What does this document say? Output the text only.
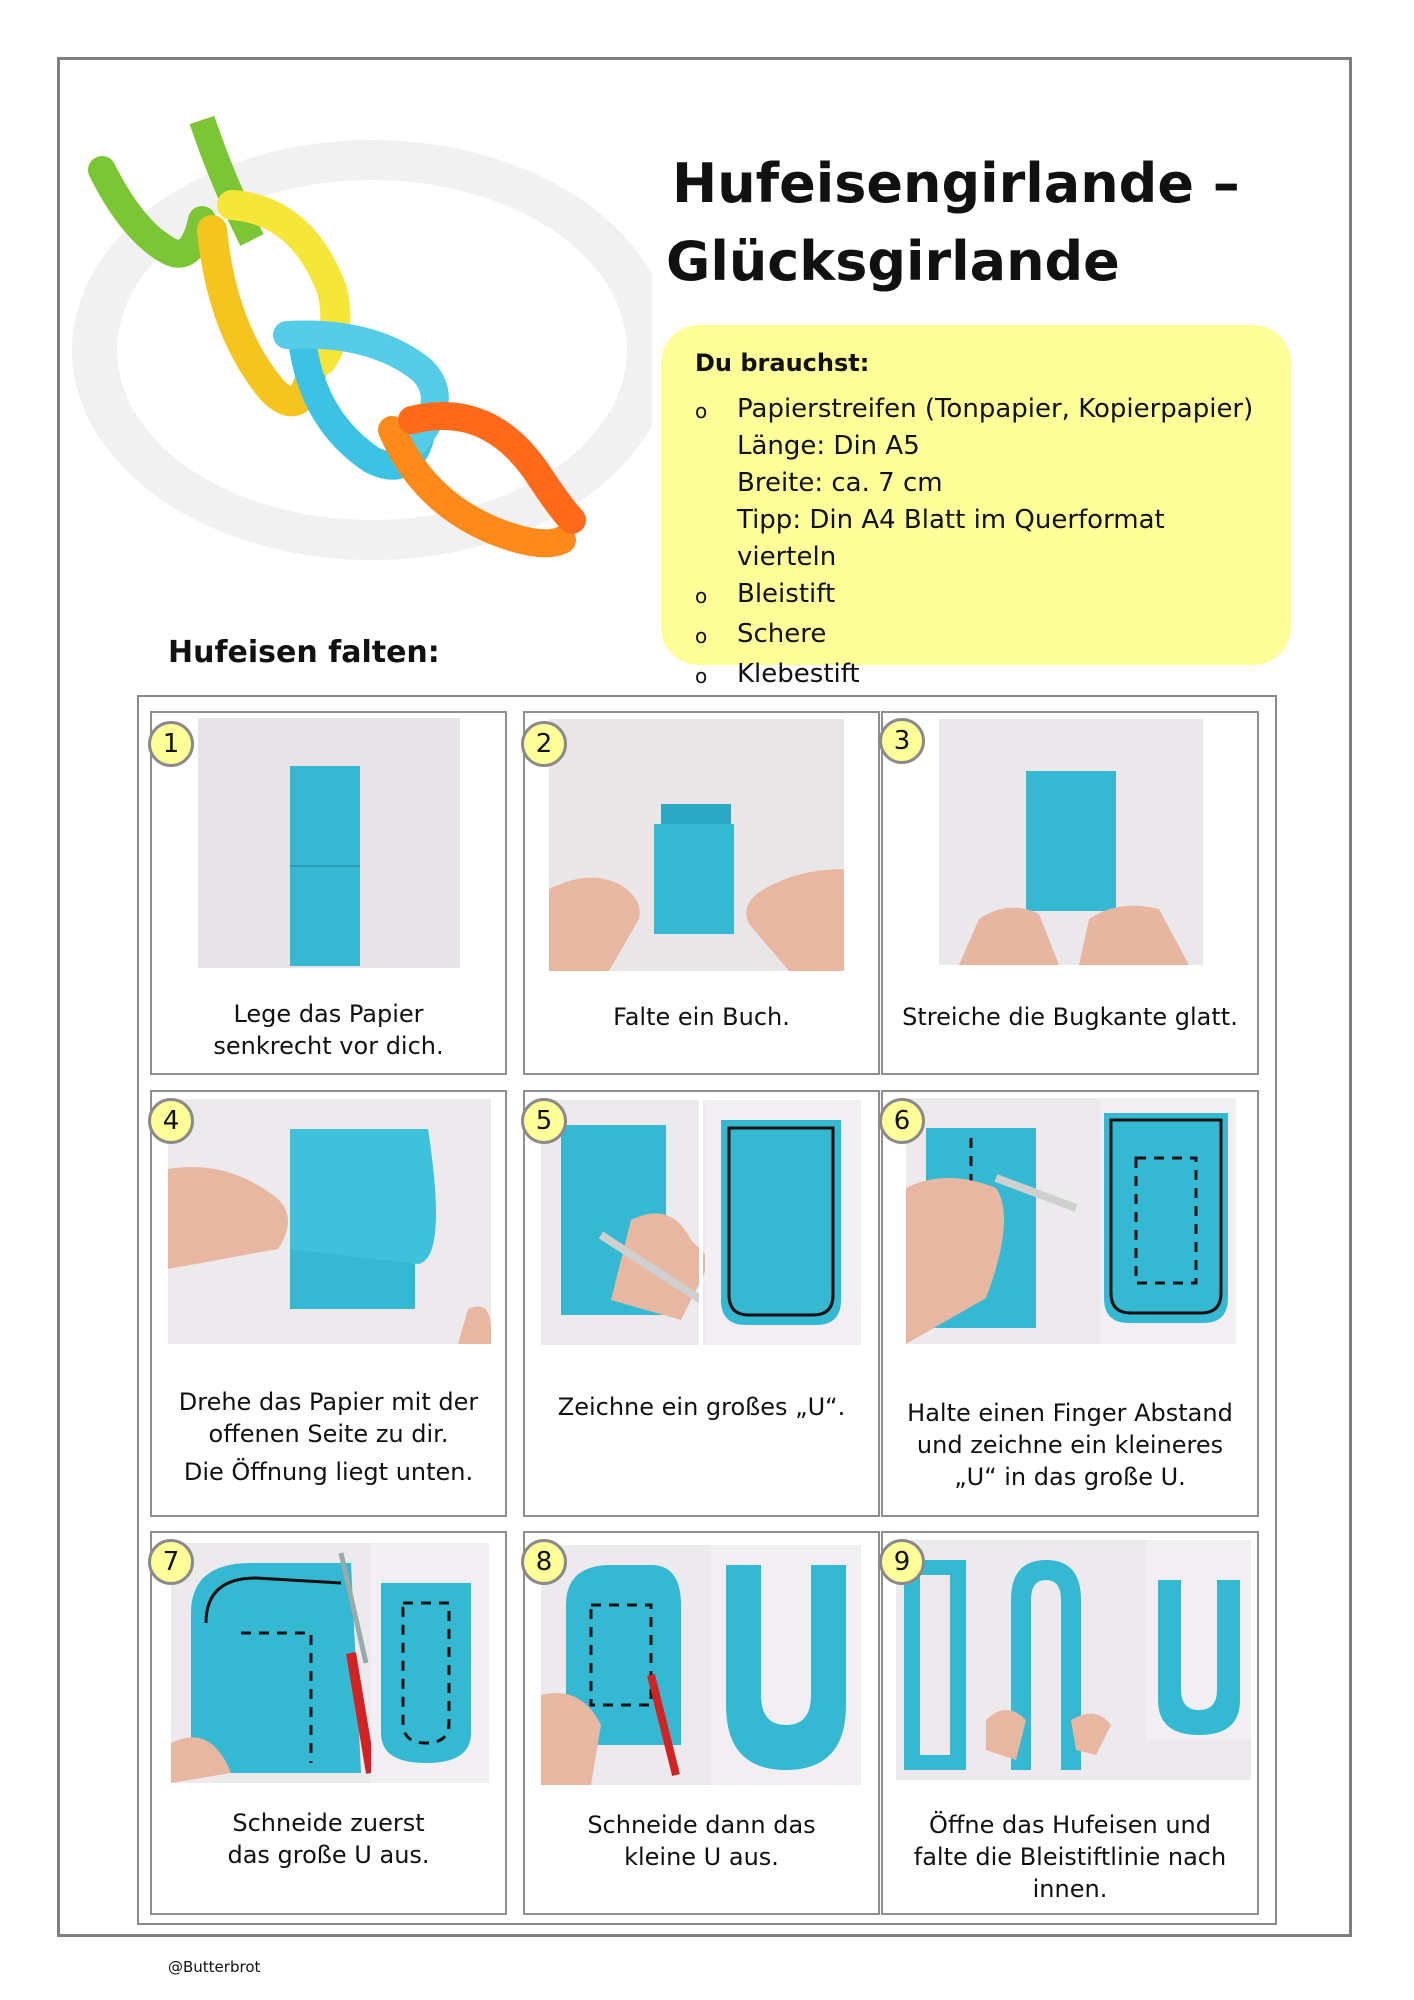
Hufeisengirlande –
Glücksgirlande
Du brauchst:
o	Papierstreifen (Tonpapier, Kopierpapier)
Länge: Din A5
Breite: ca. 7 cm
Tipp: Din A4 Blatt im Querformat vierteln
o	Bleistift
o	Schere
o	Klebestift
Hufeisen falten:
1
Lege das Papier
senkrecht vor dich.
2
Falte ein Buch.
3
Streiche die Bugkante glatt.
4
Drehe das Papier mit der
offenen Seite zu dir.
Die Öffnung liegt unten.
5
Zeichne ein großes „U“.
6
Halte einen Finger Abstand
und zeichne ein kleineres
„U“ in das große U.
7
Schneide zuerst
das große U aus.
8
Schneide dann das
kleine U aus.
9
Öffne das Hufeisen und
falte die Bleistiftlinie nach
innen.
@Butterbrot
